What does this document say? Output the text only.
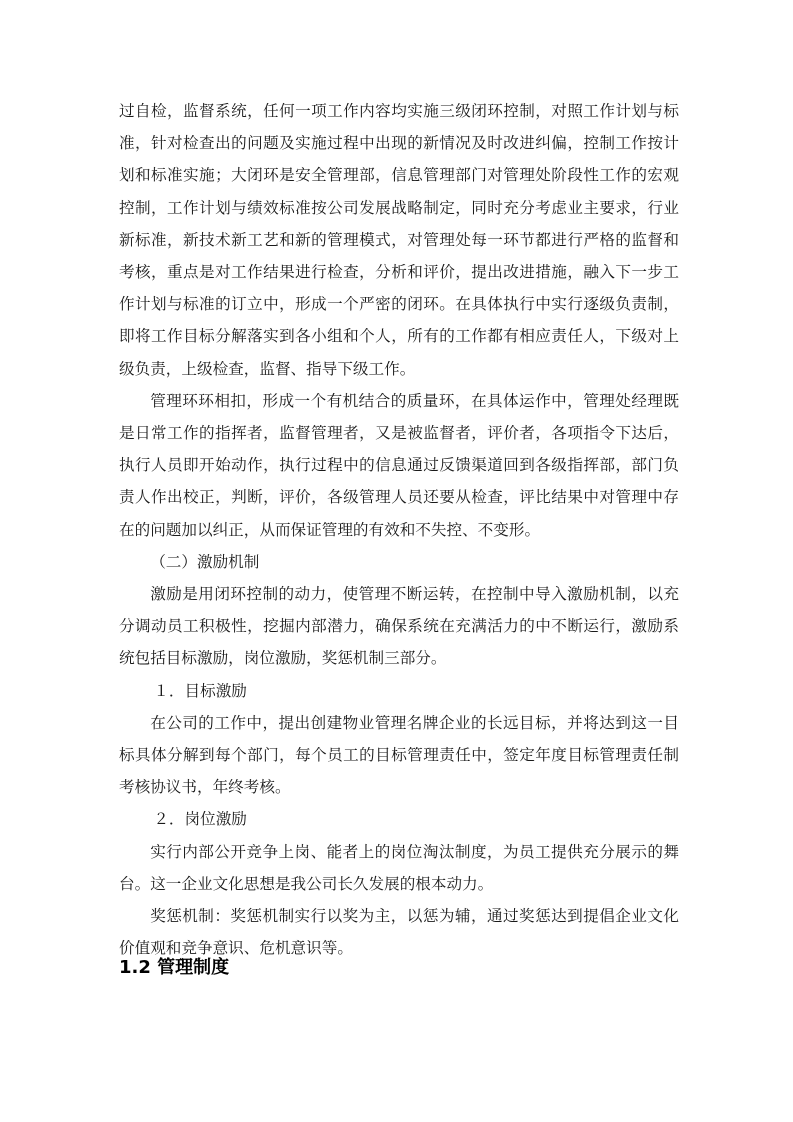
过自检，监督系统，任何一项工作内容均实施三级闭环控制，对照工作计划与标准，针对检查出的问题及实施过程中出现的新情况及时改进纠偏，控制工作按计划和标准实施；大闭环是安全管理部，信息管理部门对管理处阶段性工作的宏观控制，工作计划与绩效标准按公司发展战略制定，同时充分考虑业主要求，行业新标准，新技术新工艺和新的管理模式，对管理处每一环节都进行严格的监督和考核，重点是对工作结果进行检查，分析和评价，提出改进措施，融入下一步工作计划与标准的订立中，形成一个严密的闭环。在具体执行中实行逐级负责制，即将工作目标分解落实到各小组和个人，所有的工作都有相应责任人，下级对上级负责，上级检查，监督、指导下级工作。

管理环环相扣，形成一个有机结合的质量环，在具体运作中，管理处经理既是日常工作的指挥者，监督管理者，又是被监督者，评价者，各项指令下达后，执行人员即开始动作，执行过程中的信息通过反馈渠道回到各级指挥部，部门负责人作出校正，判断，评价，各级管理人员还要从检查，评比结果中对管理中存在的问题加以纠正，从而保证管理的有效和不失控、不变形。

（二）激励机制

激励是用闭环控制的动力，使管理不断运转，在控制中导入激励机制，以充分调动员工积极性，挖掘内部潜力，确保系统在充满活力的中不断运行，激励系统包括目标激励，岗位激励，奖惩机制三部分。

１．目标激励

在公司的工作中，提出创建物业管理名牌企业的长远目标，并将达到这一目标具体分解到每个部门，每个员工的目标管理责任中，签定年度目标管理责任制考核协议书，年终考核。

２．岗位激励

实行内部公开竞争上岗、能者上的岗位淘汰制度，为员工提供充分展示的舞台。这一企业文化思想是我公司长久发展的根本动力。

奖惩机制：奖惩机制实行以奖为主，以惩为辅，通过奖惩达到提倡企业文化价值观和竞争意识、危机意识等。

1.2 管理制度
